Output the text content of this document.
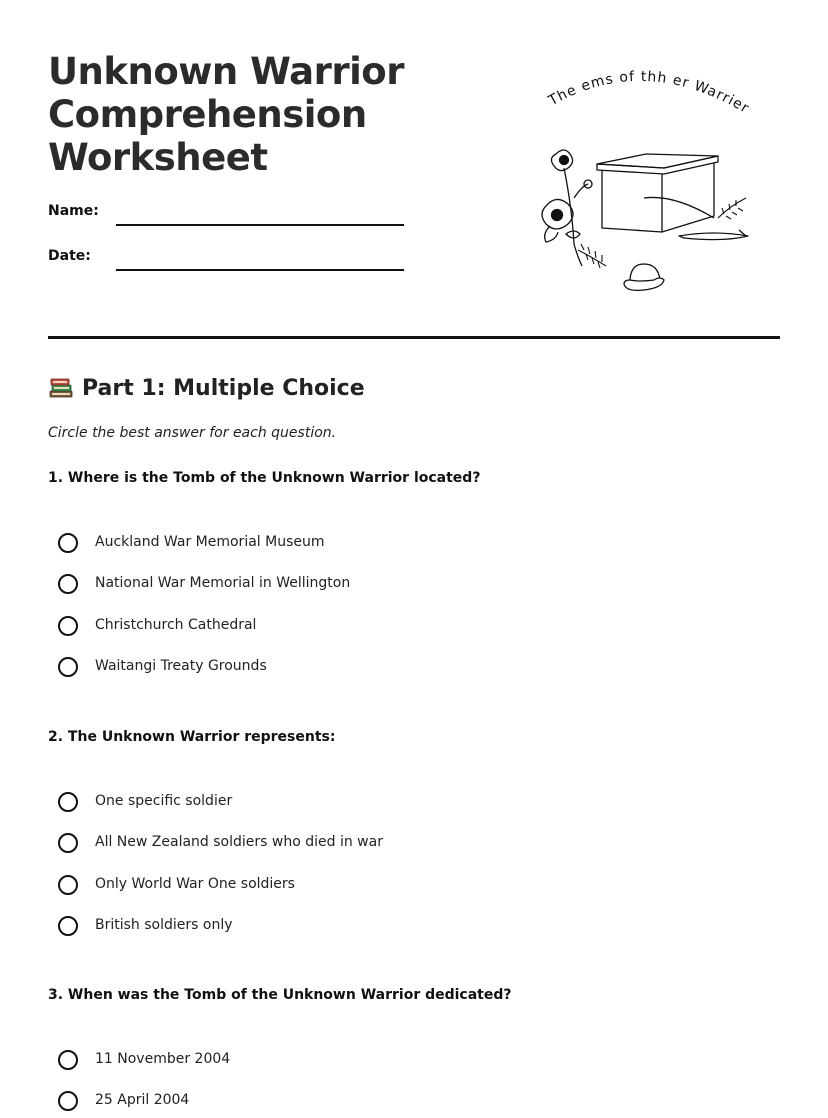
Unknown Warrior
Comprehension
Worksheet
Name:
Date:
The ems of thh er Warrier
Part 1: Multiple Choice

Circle the best answer for each question.

1. Where is the Tomb of the Unknown Warrior located?

Auckland War Memorial Museum
National War Memorial in Wellington
Christchurch Cathedral
Waitangi Treaty Grounds

2. The Unknown Warrior represents:

One specific soldier
All New Zealand soldiers who died in war
Only World War One soldiers
British soldiers only

3. When was the Tomb of the Unknown Warrior dedicated?

11 November 2004
25 April 2004
